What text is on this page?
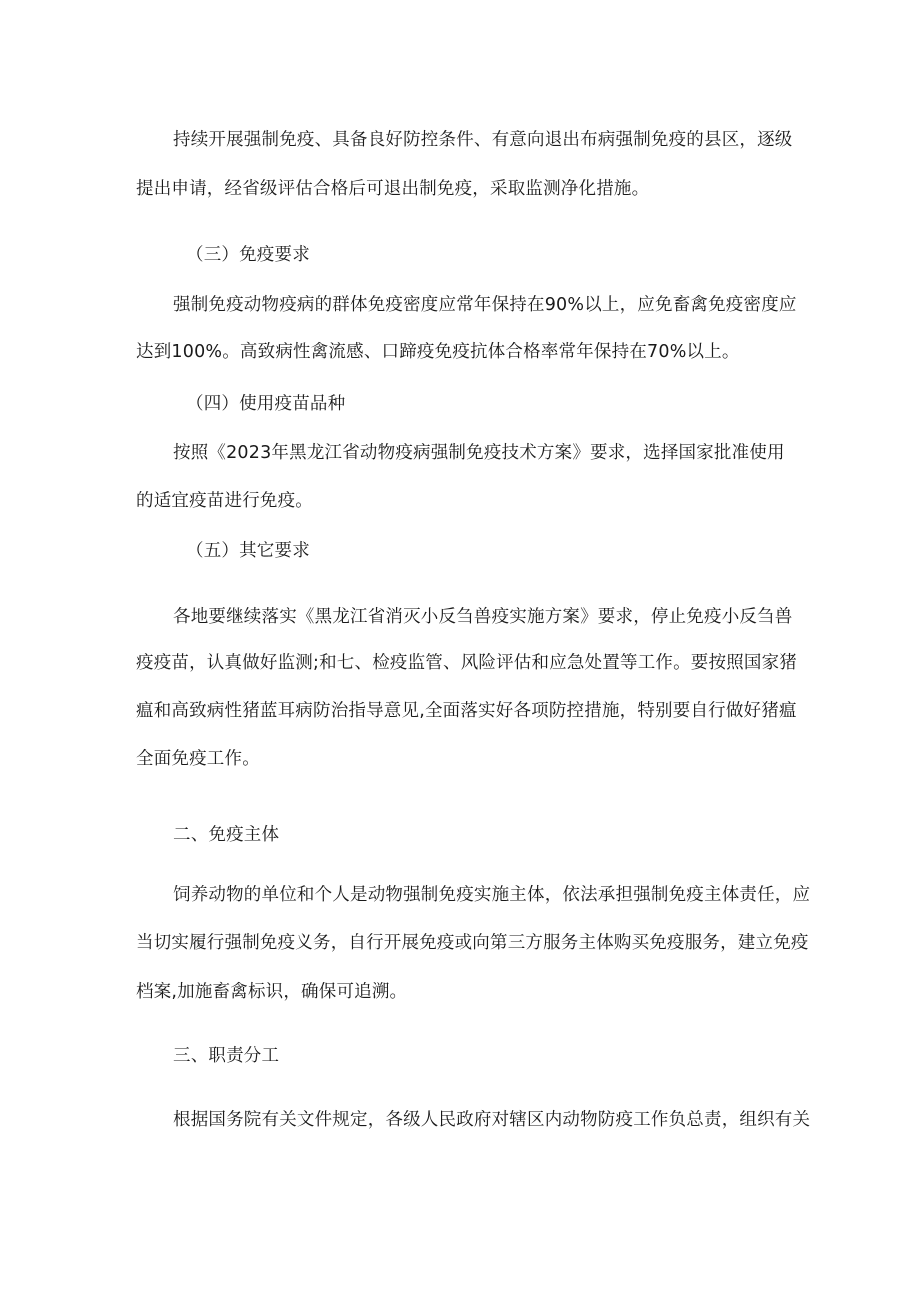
持续开展强制免疫、具备良好防控条件、有意向退出布病强制免疫的县区，逐级
提出申请，经省级评估合格后可退出制免疫，采取监测净化措施。
（三）免疫要求
强制免疫动物疫病的群体免疫密度应常年保持在90%以上，应免畜禽免疫密度应
达到100%。高致病性禽流感、口蹄疫免疫抗体合格率常年保持在70%以上。
（四）使用疫苗品种
按照《2023年黑龙江省动物疫病强制免疫技术方案》要求，选择国家批准使用
的适宜疫苗进行免疫。
（五）其它要求
各地要继续落实《黑龙江省消灭小反刍兽疫实施方案》要求，停止免疫小反刍兽
疫疫苗，认真做好监测;和七、检疫监管、风险评估和应急处置等工作。要按照国家猪
瘟和高致病性猪蓝耳病防治指导意见,全面落实好各项防控措施，特别要自行做好猪瘟
全面免疫工作。
二、免疫主体
饲养动物的单位和个人是动物强制免疫实施主体，依法承担强制免疫主体责任，应
当切实履行强制免疫义务，自行开展免疫或向第三方服务主体购买免疫服务，建立免疫
档案,加施畜禽标识，确保可追溯。
三、职责分工
根据国务院有关文件规定，各级人民政府对辖区内动物防疫工作负总责，组织有关
